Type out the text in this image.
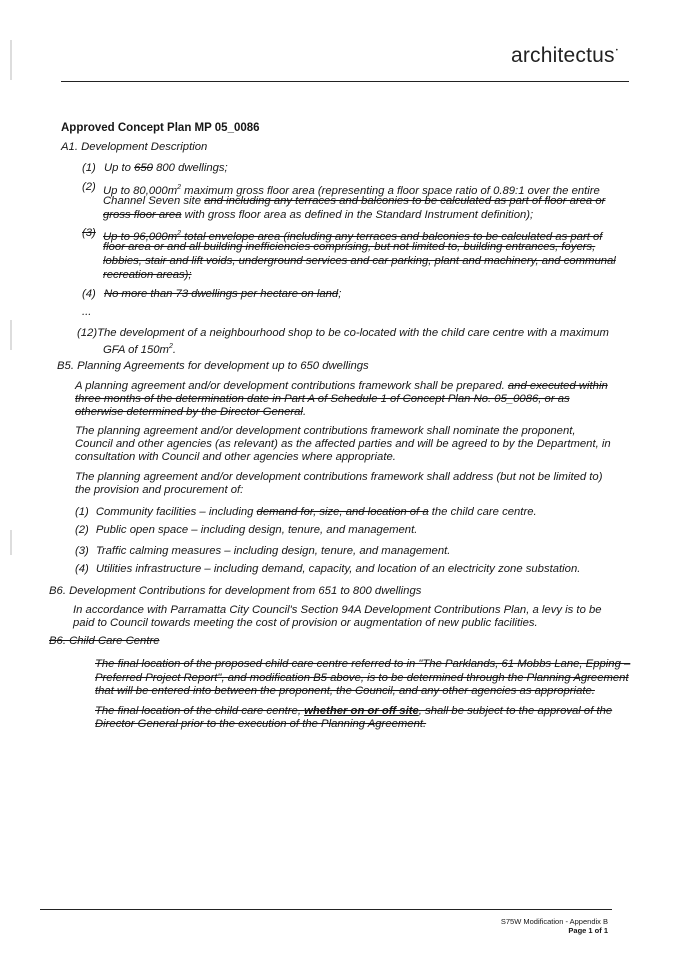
architectus•
Approved Concept Plan MP 05_0086
A1. Development Description
(1) Up to 650 800 dwellings;
(2) Up to $80,000m^2$ maximum gross floor area (representing a floor space ratio of 0.89:1 over the entire
Channel Seven site and including any terraces and balconies to be calculated as part of floor area or
gross floor area with gross floor area as defined in the Standard Instrument definition);
(3) Up to $96,000m^2$ total envelope area (including any terraces and balconies to be calculated as part of
floor area or and all building inefficiencies comprising, but not limited to, building entrances, foyers,
lobbies, stair and lift voids, underground services and car parking, plant and machinery, and communal
recreation areas);
(4) No more than 73 dwellings per hectare on land;
...
(12)The development of a neighbourhood shop to be co-located with the child care centre with a maximum
GFA of $150m^2$.
B5. Planning Agreements for development up to 650 dwellings
A planning agreement and/or development contributions framework shall be prepared. and executed within
three months of the determination date in Part A of Schedule 1 of Concept Plan No. 05_0086, or as
otherwise determined by the Director General.
The planning agreement and/or development contributions framework shall nominate the proponent,
Council and other agencies (as relevant) as the affected parties and will be agreed to by the Department, in
consultation with Council and other agencies where appropriate.
The planning agreement and/or development contributions framework shall address (but not be limited to)
the provision and procurement of:
(1) Community facilities – including demand for, size, and location of a the child care centre.
(2) Public open space – including design, tenure, and management.
(3) Traffic calming measures – including design, tenure, and management.
(4) Utilities infrastructure – including demand, capacity, and location of an electricity zone substation.
B6. Development Contributions for development from 651 to 800 dwellings
In accordance with Parramatta City Council's Section 94A Development Contributions Plan, a levy is to be
paid to Council towards meeting the cost of provision or augmentation of new public facilities.
B6. Child Care Centre
The final location of the proposed child care centre referred to in "The Parklands, 61 Mobbs Lane, Epping –
Preferred Project Report", and modification B5 above, is to be determined through the Planning Agreement
that will be entered into between the proponent, the Council, and any other agencies as appropriate.
The final location of the child care centre, whether on or off site, shall be subject to the approval of the
Director General prior to the execution of the Planning Agreement.
S75W Modification - Appendix B
Page 1 of 1
